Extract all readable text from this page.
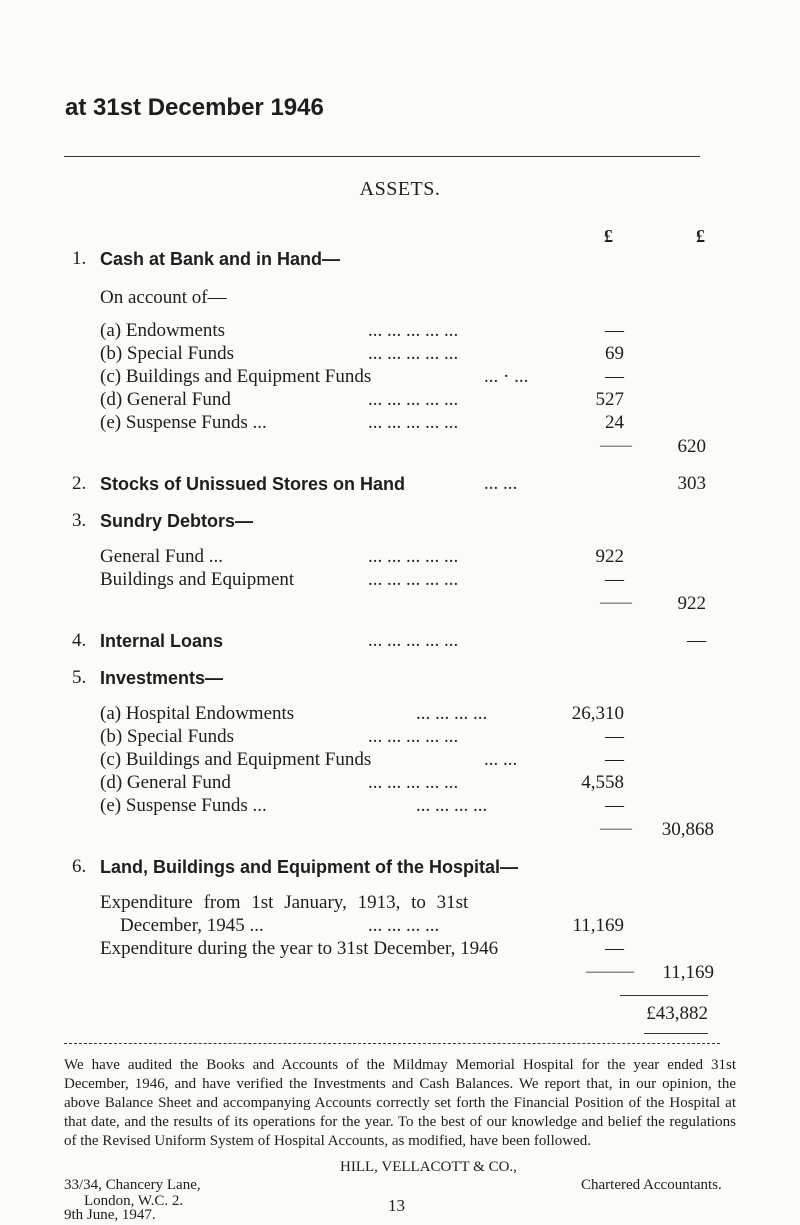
at 31st December 1946
ASSETS.
£	£
1. Cash at Bank and in Hand—
On account of—
(a) Endowments	... ... ... ... ...	—
(b) Special Funds	... ... ... ... ...	69
(c) Buildings and Equipment Funds	... · ...	—
(d) General Fund	... ... ... ... ...	527
(e) Suspense Funds ...	... ... ... ... ...	24
——	620
2. Stocks of Unissued Stores on Hand	... ...	303
3. Sundry Debtors—
General Fund ...	... ... ... ... ...	922
Buildings and Equipment	... ... ... ... ...	—
——	922
4. Internal Loans	... ... ... ... ...	—
5. Investments—
(a) Hospital Endowments	... ... ... ...	26,310
(b) Special Funds	... ... ... ... ...	—
(c) Buildings and Equipment Funds	... ...	—
(d) General Fund	... ... ... ... ...	4,558
(e) Suspense Funds ...	... ... ... ...	—
——	30,868
6. Land, Buildings and Equipment of the Hospital—
Expenditure from 1st January, 1913, to 31st
December, 1945 ...	... ... ... ...	11,169
Expenditure during the year to 31st December, 1946	—
———	11,169
£43,882
We have audited the Books and Accounts of the Mildmay Memorial Hospital for the year ended 31st December, 1946, and have verified the Investments and Cash Balances. We report that, in our opinion, the above Balance Sheet and accompanying Accounts correctly set forth the Financial Position of the Hospital at that date, and the results of its operations for the year. To the best of our knowledge and belief the regulations of the Revised Uniform System of Hospital Accounts, as modified, have been followed.
HILL, VELLACOTT & CO.,
33/34, Chancery Lane,	Chartered Accountants.
London, W.C. 2.
9th June, 1947.	13
